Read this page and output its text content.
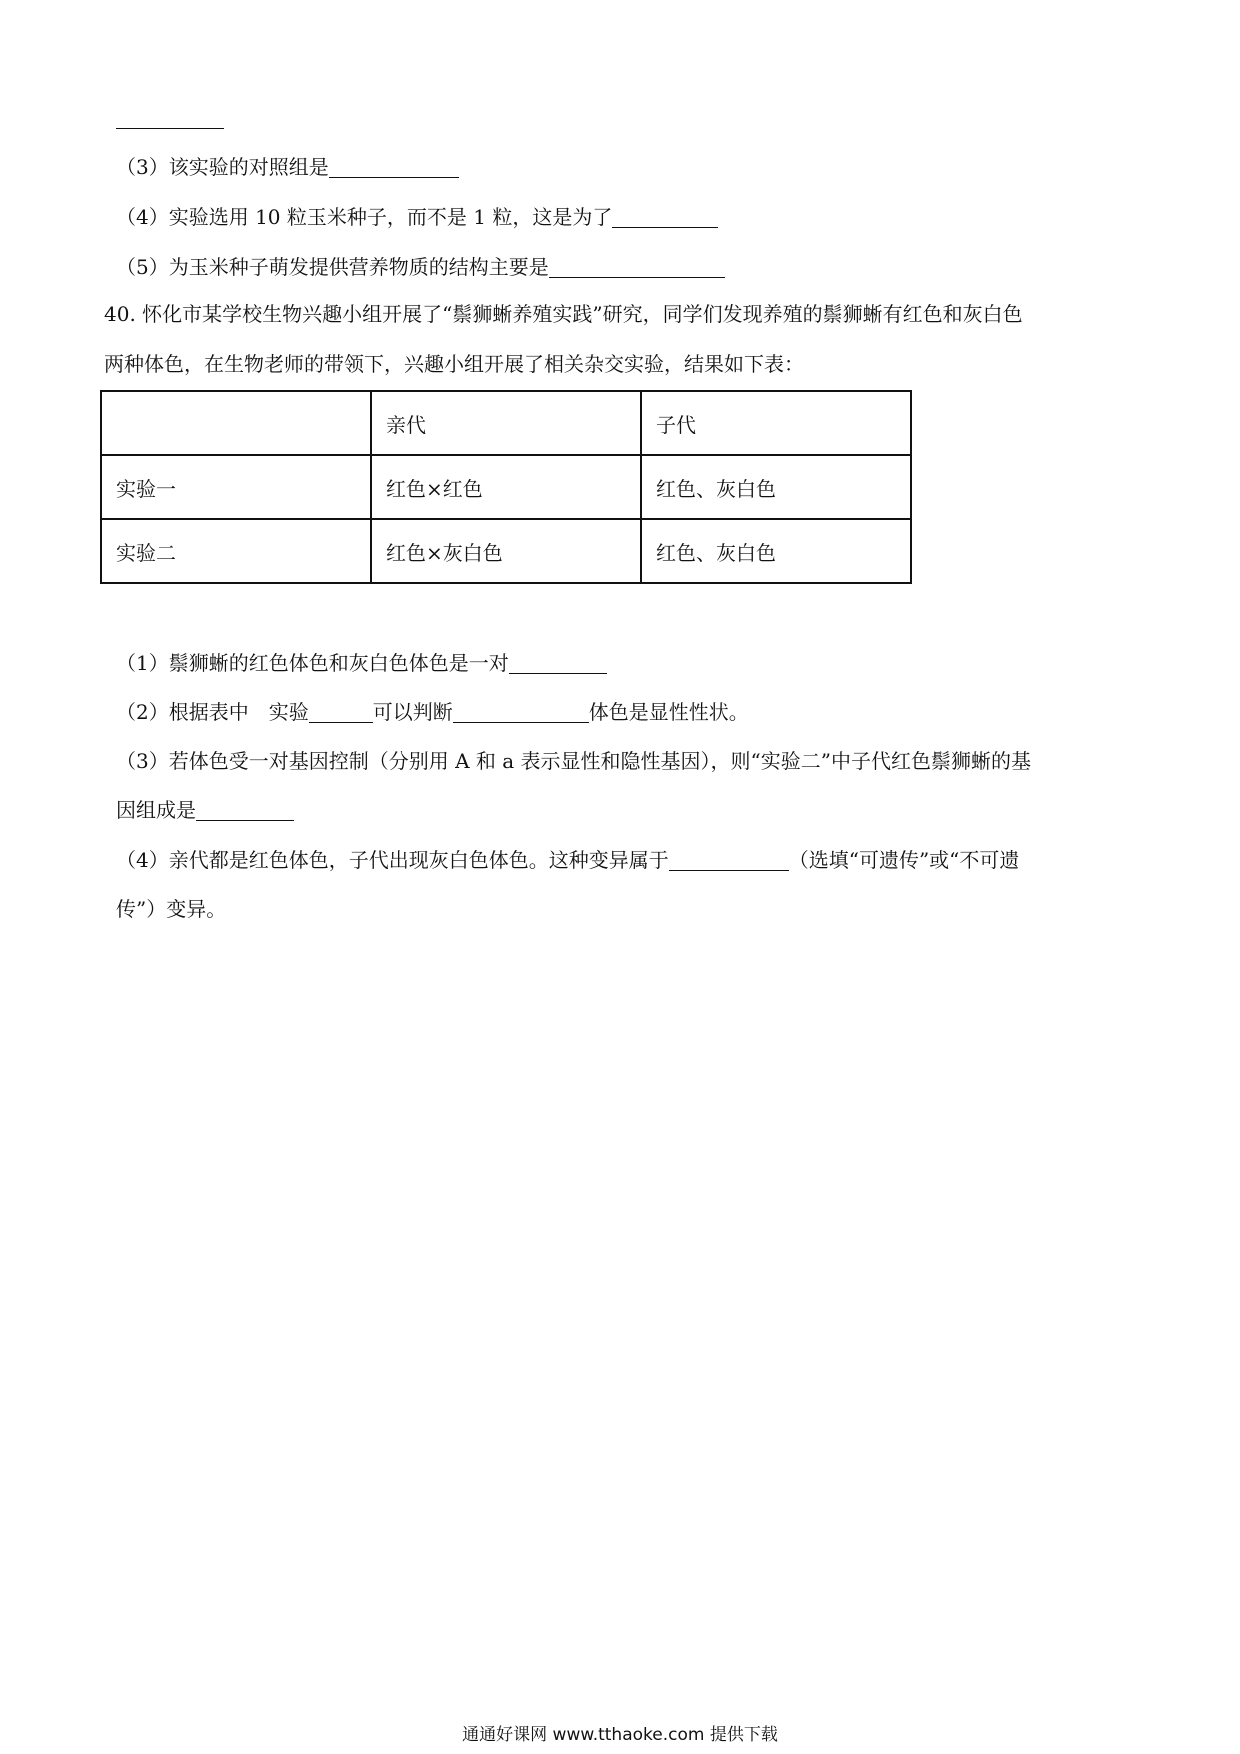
（3）该实验的对照组是
（4）实验选用 10 粒玉米种子，而不是 1 粒，这是为了
（5）为玉米种子萌发提供营养物质的结构主要是
40. 怀化市某学校生物兴趣小组开展了“鬃狮蜥养殖实践”研究，同学们发现养殖的鬃狮蜥有红色和灰白色
两种体色，在生物老师的带领下，兴趣小组开展了相关杂交实验，结果如下表：
	亲代	子代
实验一	红色×红色	红色、灰白色
实验二	红色×灰白色	红色、灰白色
（1）鬃狮蜥的红色体色和灰白色体色是一对
（2）根据表中　实验	可以判断	体色是显性性状。
（3）若体色受一对基因控制（分别用 A 和 a 表示显性和隐性基因），则“实验二”中子代红色鬃狮蜥的基
因组成是
（4）亲代都是红色体色，子代出现灰白色体色。这种变异属于	（选填“可遗传”或“不可遗
传”）变异。
通通好课网 www.tthaoke.com 提供下载
